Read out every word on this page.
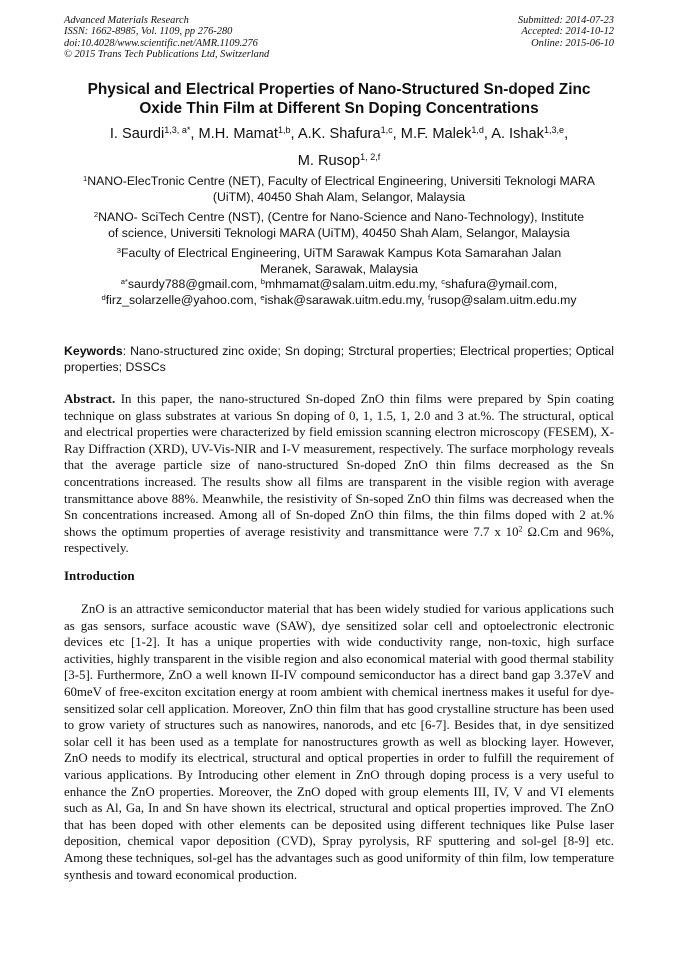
Advanced Materials Research
ISSN: 1662-8985, Vol. 1109, pp 276-280
doi:10.4028/www.scientific.net/AMR.1109.276
© 2015 Trans Tech Publications Ltd, Switzerland
Submitted: 2014-07-23
Accepted: 2014-10-12
Online: 2015-06-10
Physical and Electrical Properties of Nano-Structured Sn-doped Zinc
Oxide Thin Film at Different Sn Doping Concentrations
I. Saurdi$^{1,3, a*}$, M.H. Mamat$^{1,b}$, A.K. Shafura$^{1,c}$, M.F. Malek$^{1,d}$, A. Ishak$^{1,3,e}$,
M. Rusop$^{1, 2,f}$
$^1$NANO-ElecTronic Centre (NET), Faculty of Electrical Engineering, Universiti Teknologi MARA
(UiTM), 40450 Shah Alam, Selangor, Malaysia
$^2$NANO- SciTech Centre (NST), (Centre for Nano-Science and Nano-Technology), Institute
of science, Universiti Teknologi MARA (UiTM), 40450 Shah Alam, Selangor, Malaysia
$^3$Faculty of Electrical Engineering, UiTM Sarawak Kampus Kota Samarahan Jalan
Meranek, Sarawak, Malaysia
$^{a*}$saurdy788@gmail.com, $^b$mhmamat@salam.uitm.edu.my, $^c$shafura@ymail.com,
$^d$firz_solarzelle@yahoo.com, $^e$ishak@sarawak.uitm.edu.my, $^f$rusop@salam.uitm.edu.my
Keywords: Nano-structured zinc oxide; Sn doping; Strctural properties; Electrical properties; Optical properties; DSSCs
Abstract. In this paper, the nano-structured Sn-doped ZnO thin films were prepared by Spin coating technique on glass substrates at various Sn doping of 0, 1, 1.5, 1, 2.0 and 3 at.%. The structural, optical and electrical properties were characterized by field emission scanning electron microscopy (FESEM), X-Ray Diffraction (XRD), UV-Vis-NIR and I-V measurement, respectively. The surface morphology reveals that the average particle size of nano-structured Sn-doped ZnO thin films decreased as the Sn concentrations increased. The results show all films are transparent in the visible region with average transmittance above 88%. Meanwhile, the resistivity of Sn-soped ZnO thin films was decreased when the Sn concentrations increased. Among all of Sn-doped ZnO thin films, the thin films doped with 2 at.% shows the optimum properties of average resistivity and transmittance were 7.7 x $10^2$ Ω.Cm and 96%, respectively.
Introduction
ZnO is an attractive semiconductor material that has been widely studied for various applications such as gas sensors, surface acoustic wave (SAW), dye sensitized solar cell and optoelectronic electronic devices etc [1-2]. It has a unique properties with wide conductivity range, non-toxic, high surface activities, highly transparent in the visible region and also economical material with good thermal stability [3-5]. Furthermore, ZnO a well known II-IV compound semiconductor has a direct band gap 3.37eV and 60meV of free-exciton excitation energy at room ambient with chemical inertness makes it useful for dye-sensitized solar cell application. Moreover, ZnO thin film that has good crystalline structure has been used to grow variety of structures such as nanowires, nanorods, and etc [6-7]. Besides that, in dye sensitized solar cell it has been used as a template for nanostructures growth as well as blocking layer. However, ZnO needs to modify its electrical, structural and optical properties in order to fulfill the requirement of various applications. By Introducing other element in ZnO through doping process is a very useful to enhance the ZnO properties. Moreover, the ZnO doped with group elements III, IV, V and VI elements such as Al, Ga, In and Sn have shown its electrical, structural and optical properties improved. The ZnO that has been doped with other elements can be deposited using different techniques like Pulse laser deposition, chemical vapor deposition (CVD), Spray pyrolysis, RF sputtering and sol-gel [8-9] etc. Among these techniques, sol-gel has the advantages such as good uniformity of thin film, low temperature synthesis and toward economical production.
